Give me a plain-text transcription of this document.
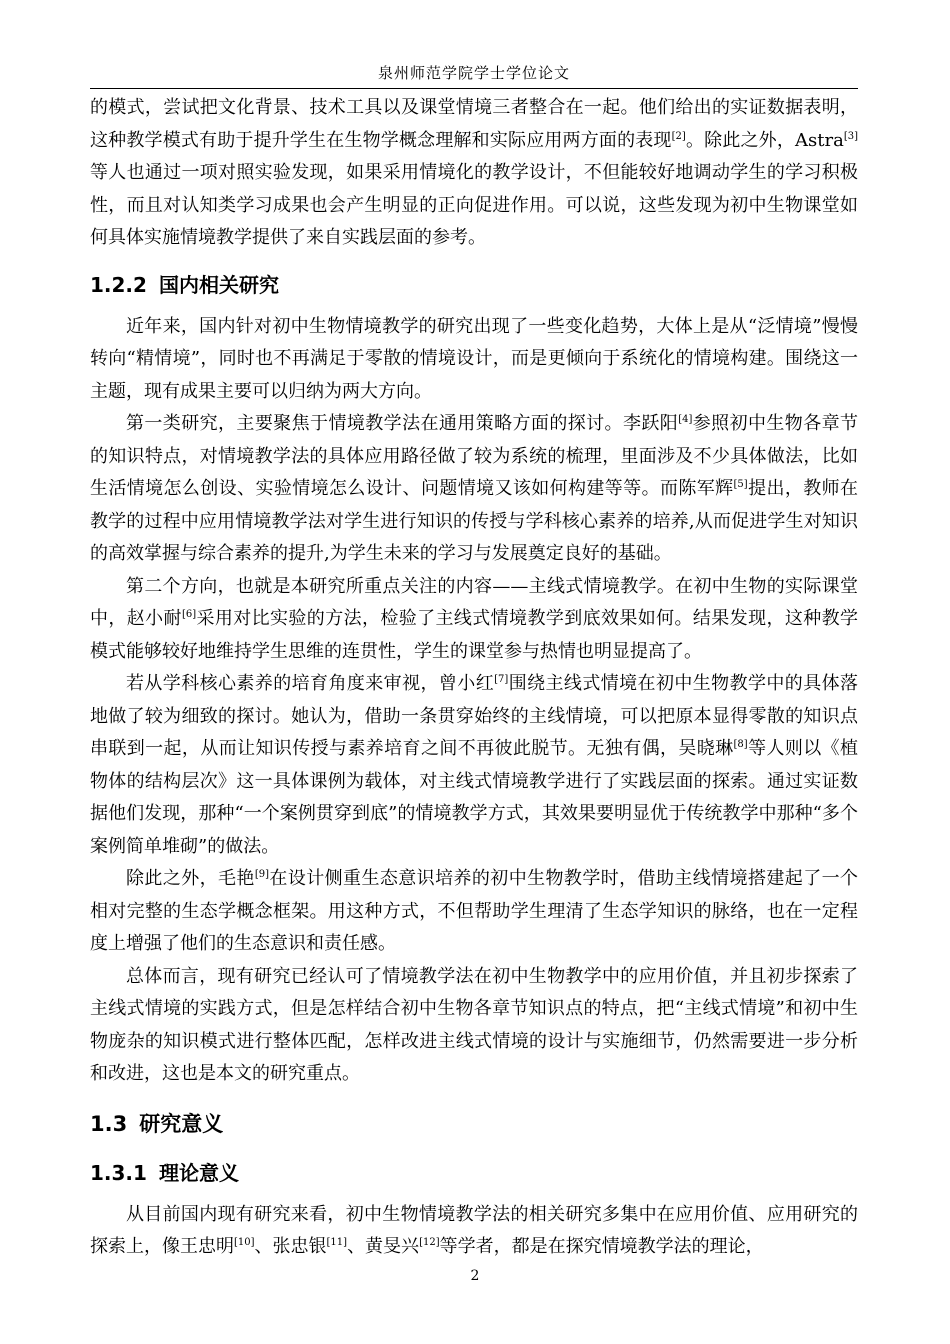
泉州师范学院学士学位论文

的模式，尝试把文化背景、技术工具以及课堂情境三者整合在一起。他们给出的实证数据表明，这种教学模式有助于提升学生在生物学概念理解和实际应用两方面的表现[2]。除此之外，Astra[3]等人也通过一项对照实验发现，如果采用情境化的教学设计，不但能较好地调动学生的学习积极性，而且对认知类学习成果也会产生明显的正向促进作用。可以说，这些发现为初中生物课堂如何具体实施情境教学提供了来自实践层面的参考。

1.2.2 国内相关研究

近年来，国内针对初中生物情境教学的研究出现了一些变化趋势，大体上是从“泛情境”慢慢转向“精情境”，同时也不再满足于零散的情境设计，而是更倾向于系统化的情境构建。围绕这一主题，现有成果主要可以归纳为两大方向。

第一类研究，主要聚焦于情境教学法在通用策略方面的探讨。李跃阳[4]参照初中生物各章节的知识特点，对情境教学法的具体应用路径做了较为系统的梳理，里面涉及不少具体做法，比如生活情境怎么创设、实验情境怎么设计、问题情境又该如何构建等等。而陈军辉[5]提出，教师在教学的过程中应用情境教学法对学生进行知识的传授与学科核心素养的培养,从而促进学生对知识的高效掌握与综合素养的提升,为学生未来的学习与发展奠定良好的基础。

第二个方向，也就是本研究所重点关注的内容——主线式情境教学。在初中生物的实际课堂中，赵小耐[6]采用对比实验的方法，检验了主线式情境教学到底效果如何。结果发现，这种教学模式能够较好地维持学生思维的连贯性，学生的课堂参与热情也明显提高了。

若从学科核心素养的培育角度来审视，曾小红[7]围绕主线式情境在初中生物教学中的具体落地做了较为细致的探讨。她认为，借助一条贯穿始终的主线情境，可以把原本显得零散的知识点串联到一起，从而让知识传授与素养培育之间不再彼此脱节。无独有偶，吴晓琳[8]等人则以《植物体的结构层次》这一具体课例为载体，对主线式情境教学进行了实践层面的探索。通过实证数据他们发现，那种“一个案例贯穿到底”的情境教学方式，其效果要明显优于传统教学中那种“多个案例简单堆砌”的做法。

除此之外，毛艳[9]在设计侧重生态意识培养的初中生物教学时，借助主线情境搭建起了一个相对完整的生态学概念框架。用这种方式，不但帮助学生理清了生态学知识的脉络，也在一定程度上增强了他们的生态意识和责任感。

总体而言，现有研究已经认可了情境教学法在初中生物教学中的应用价值，并且初步探索了主线式情境的实践方式，但是怎样结合初中生物各章节知识点的特点，把“主线式情境”和初中生物庞杂的知识模式进行整体匹配，怎样改进主线式情境的设计与实施细节，仍然需要进一步分析和改进，这也是本文的研究重点。

1.3 研究意义
1.3.1 理论意义

从目前国内现有研究来看，初中生物情境教学法的相关研究多集中在应用价值、应用研究的探索上，像王忠明[10]、张忠银[11]、黄旻兴[12]等学者，都是在探究情境教学法的理论，

2
